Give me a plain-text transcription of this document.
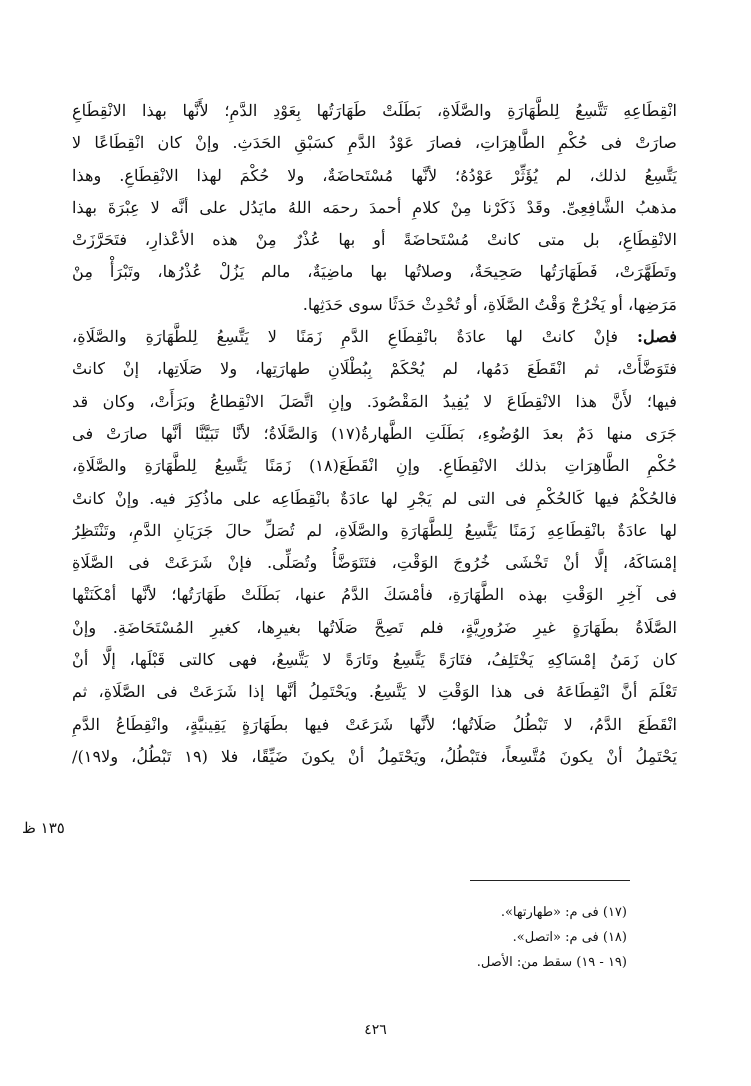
انْقِطَاعِهِ تَتَّسِعُ لِلطَّهَارَةِ والصَّلَاةِ، بَطَلَتْ طَهَارَتُها بِعَوْدِ الدَّمِ؛ لأَنَّها بهذا الانْقِطَاعِ
صارَتْ فى حُكْمِ الطَّاهِرَاتِ، فصارَ عَوْدُ الدَّمِ كسَبْقِ الحَدَثِ. وإنْ كان انْقِطَاعًا لا
يَتَّسِعُ لذلك، لم يُؤَثِّرْ عَوْدُهُ؛ لأنَّها مُسْتَحاضَةٌ، ولا حُكْمَ لهذا الانْقِطَاعِ. وهذا
مذهبُ الشَّافِعِىِّ. وقَدْ ذَكَرْنا مِنْ كلامِ أحمدَ رحمَه اللهُ مايَدُل على أنَّه لا عِبْرَةَ بهذا
الانْقِطَاعِ، بل متى كانتْ مُسْتَحاضَةً أو بها عُذْرٌ مِنْ هذه الأعْذارِ، فتَحَرَّزَتْ
وتَطَهَّرَتْ، فَطَهَارَتُها صَحِيحَةٌ، وصلاتُها بها ماضِيَةٌ، مالم يَزُلْ عُذْرُها، وتَبْرَأْ مِنْ
مَرَضِها، أو يَخْرُجْ وَقْتُ الصَّلَاةِ، أو تُحْدِثْ حَدَثًا سوى حَدَثِها.
فصل: فإنْ كانتْ لها عادَةٌ بانْقِطَاعِ الدَّمِ زَمَنًا لا يَتَّسِعُ لِلطَّهَارَةِ والصَّلَاةِ،
فتَوَضَّأَتْ، ثم انْقَطَعَ دَمُها، لم يُحْكَمْ بِبُطْلَانِ طهارَتِها، ولا صَلَاتِها، إنْ كانتْ
فيها؛ لأَنَّ هذا الانْقِطَاعَ لا يُفِيدُ المَقْصُودَ. وإنِ اتَّصَلَ الانْقِطاعُ وبَرَأَتْ، وكان قد
جَرَى منها دَمٌ بعدَ الوُضُوءِ، بَطَلَتِ الطَّهارةُ(١٧) وَالصَّلَاةُ؛ لأنَّا تَبَيَّنَّا أنَّها صارَتْ فى
حُكْمِ الطَّاهِرَاتِ بذلك الانْقِطَاعِ. وإنِ انْقَطَعَ(١٨) زَمَنًا يَتَّسِعُ لِلطَّهَارَةِ والصَّلَاةِ،
فالحُكْمُ فيها كَالحُكْمِ فى التى لم يَجْرِ لها عادَةٌ بانْقِطَاعِه على ماذُكِرَ فيه. وإنْ كانتْ
لها عادَةٌ بانْقِطَاعِهِ زَمَنًا يَتَّسِعُ لِلطَّهَارَةِ والصَّلَاةِ، لم تُصَلِّ حالَ جَرَيَانِ الدَّمِ، وتَنْتَظِرُ
إمْسَاكَهُ، إلَّا أنْ تَخْشَى خُرُوجَ الوَقْتِ، فتَتَوَضَّأُ وتُصَلِّى. فإنْ شَرَعَتْ فى الصَّلَاةِ
فى آخِرِ الوَقْتِ بهذه الطَّهَارَةِ، فأمْسَكَ الدَّمُ عنها، بَطَلَتْ طَهَارَتُها؛ لأنَّها أمْكَنَتْها
الصَّلَاةُ بطَهَارَةٍ غيرِ ضَرُورِيَّةٍ، فلم تَصِحَّ صَلَاتُها بغيرِها، كغيرِ المُسْتَحَاضَةِ. وإنْ
كان زَمَنُ إمْسَاكِهِ يَخْتَلِفُ، فتَارَةً يَتَّسِعُ وتَارَةً لا يَتَّسِعُ، فهى كالتى قَبْلَها، إلَّا أنْ
تَعْلَمَ أنَّ انْقِطَاعَهُ فى هذا الوَقْتِ لا يَتَّسِعُ. ويَحْتَمِلُ أنَّها إذا شَرَعَتْ فى الصَّلَاةِ، ثم
انْقَطَعَ الدَّمُ، لا تَبْطُلُ صَلَاتُها؛ لأنَّها شَرَعَتْ فيها بطَهَارَةٍ يَقِينيَّةٍ، وانْقِطَاعُ الدَّمِ
يَحْتَمِلُ أنْ يكونَ مُتَّسِعاً، فتَبْطُلُ، ويَحْتَمِلُ أنْ يكونَ ضَيِّقًا، فلا (١٩ تَبْطُلُ، ولا١٩)/
١٣٥ ظ
(١٧) فى م: «طهارتها».
(١٨) فى م: «اتصل».
(١٩ - ١٩) سقط من: الأصل.
٤٢٦
